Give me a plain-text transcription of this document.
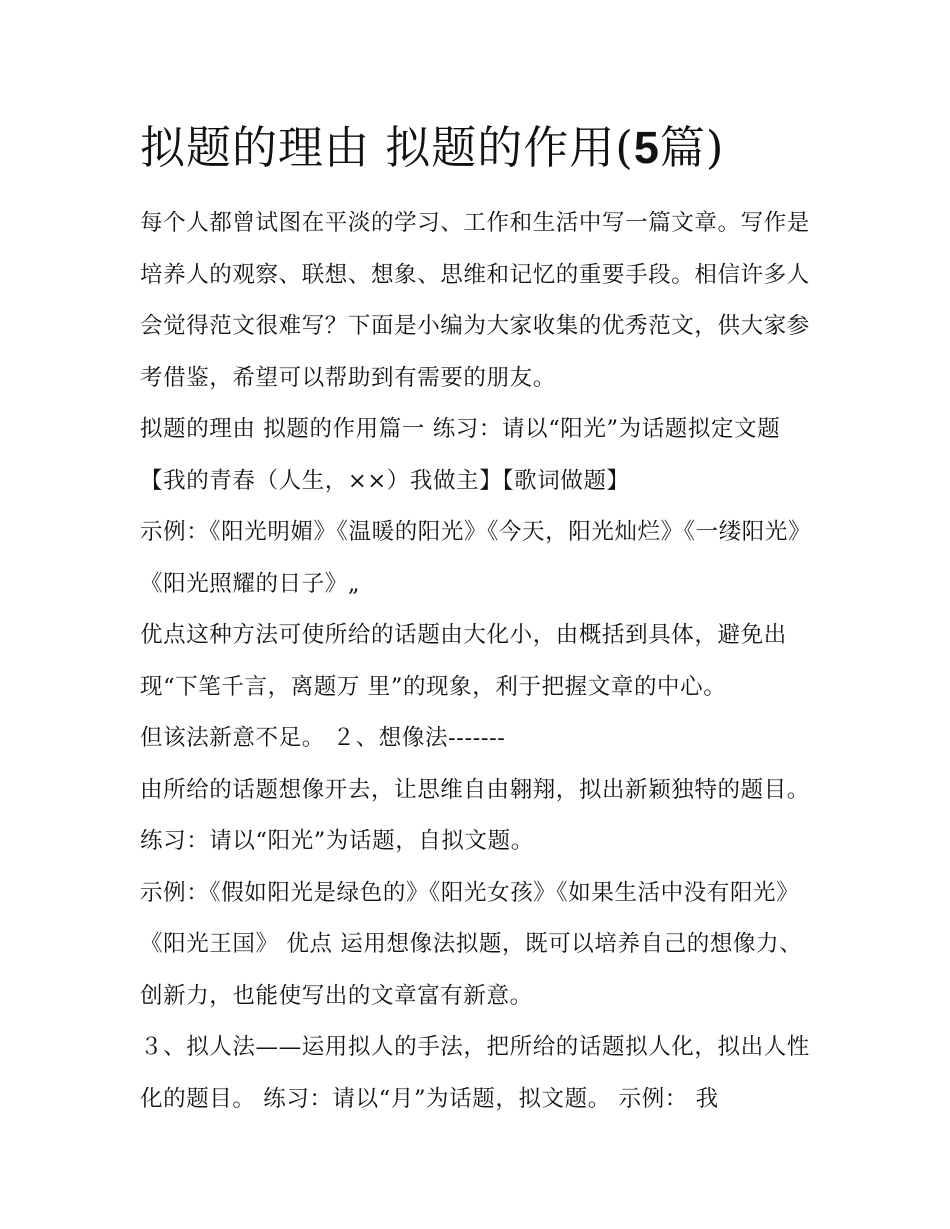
拟题的理由 拟题的作用(5篇)

每个人都曾试图在平淡的学习、工作和生活中写一篇文章。写作是培养人的观察、联想、想象、思维和记忆的重要手段。相信许多人会觉得范文很难写？下面是小编为大家收集的优秀范文，供大家参考借鉴，希望可以帮助到有需要的朋友。

拟题的理由 拟题的作用篇一 练习：请以“阳光”为话题拟定文题【我的青春（人生，××）我做主】【歌词做题】

示例：《阳光明媚》《温暖的阳光》《今天，阳光灿烂》《一缕阳光》《阳光照耀的日子》„

优点这种方法可使所给的话题由大化小，由概括到具体，避免出现“下笔千言，离题万 里”的现象，利于把握文章的中心。

但该法新意不足。 ２、想像法-------

由所给的话题想像开去，让思维自由翱翔，拟出新颖独特的题目。 练习：请以“阳光”为话题，自拟文题。

示例：《假如阳光是绿色的》《阳光女孩》《如果生活中没有阳光》《阳光王国》 优点 运用想像法拟题，既可以培养自己的想像力、创新力，也能使写出的文章富有新意。

３、拟人法——运用拟人的手法，把所给的话题拟人化，拟出人性化的题目。 练习：请以“月”为话题，拟文题。 示例： 我
